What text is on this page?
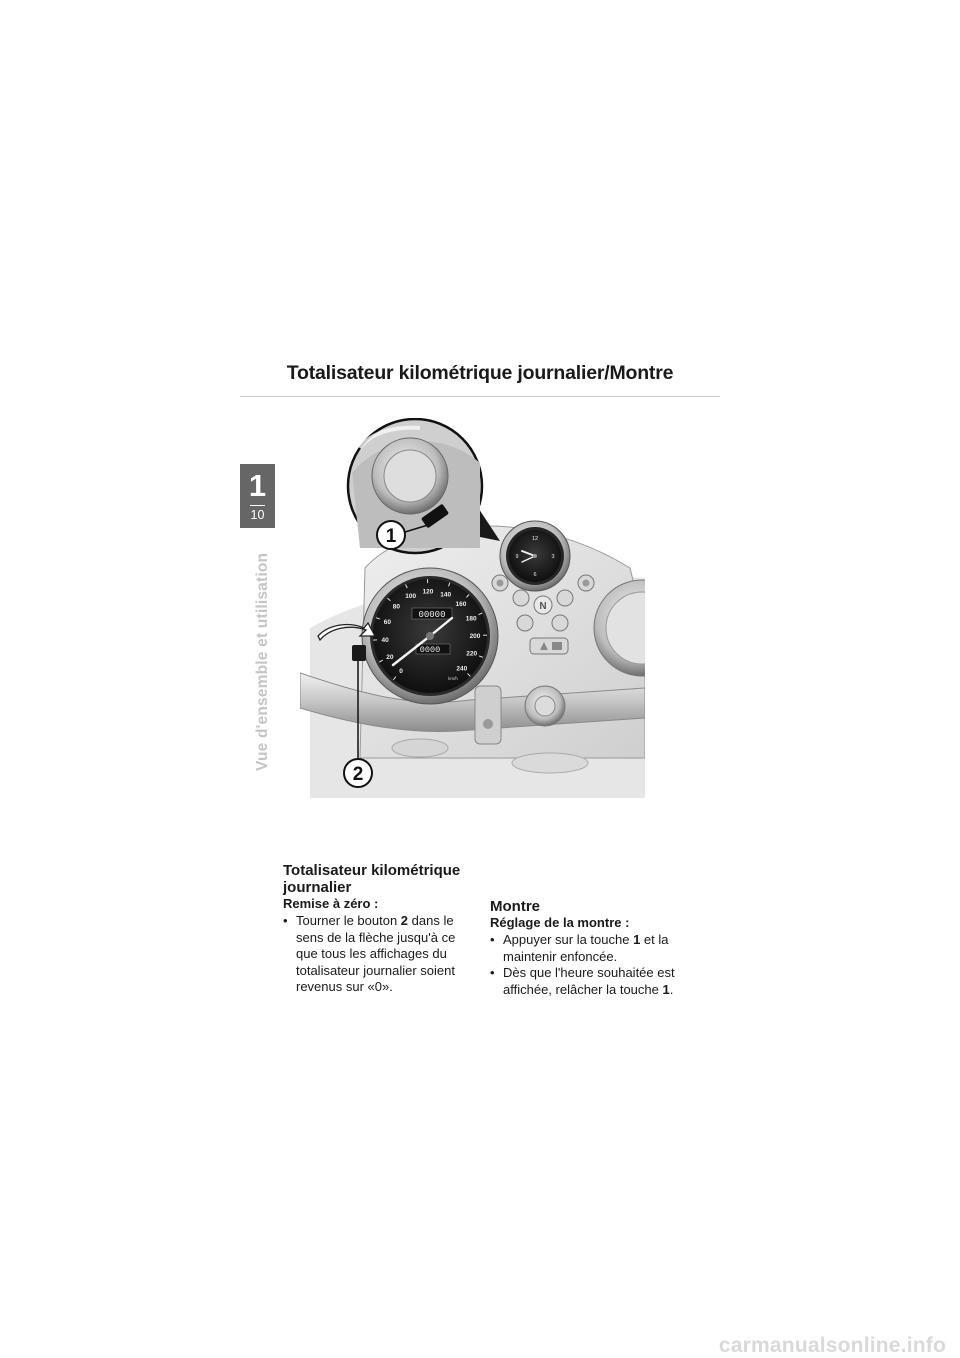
Totalisateur kilométrique journalier/Montre
1
10
Vue d'ensemble et utilisation	0
20
40
60
80
100
120 140
160
180
200
220
240
00000
0000
km/h
N
12
3
6
9
1
2
Totalisateur kilométrique journalier
Remise à zéro :
• Tourner le bouton 2 dans le sens de la flèche jusqu'à ce que tous les affichages du totalisateur journalier soient revenus sur «0».
Montre
Réglage de la montre :
• Appuyer sur la touche 1 et la maintenir enfoncée.
• Dès que l'heure souhaitée est affichée, relâcher la touche 1.
carmanualsonline.info
